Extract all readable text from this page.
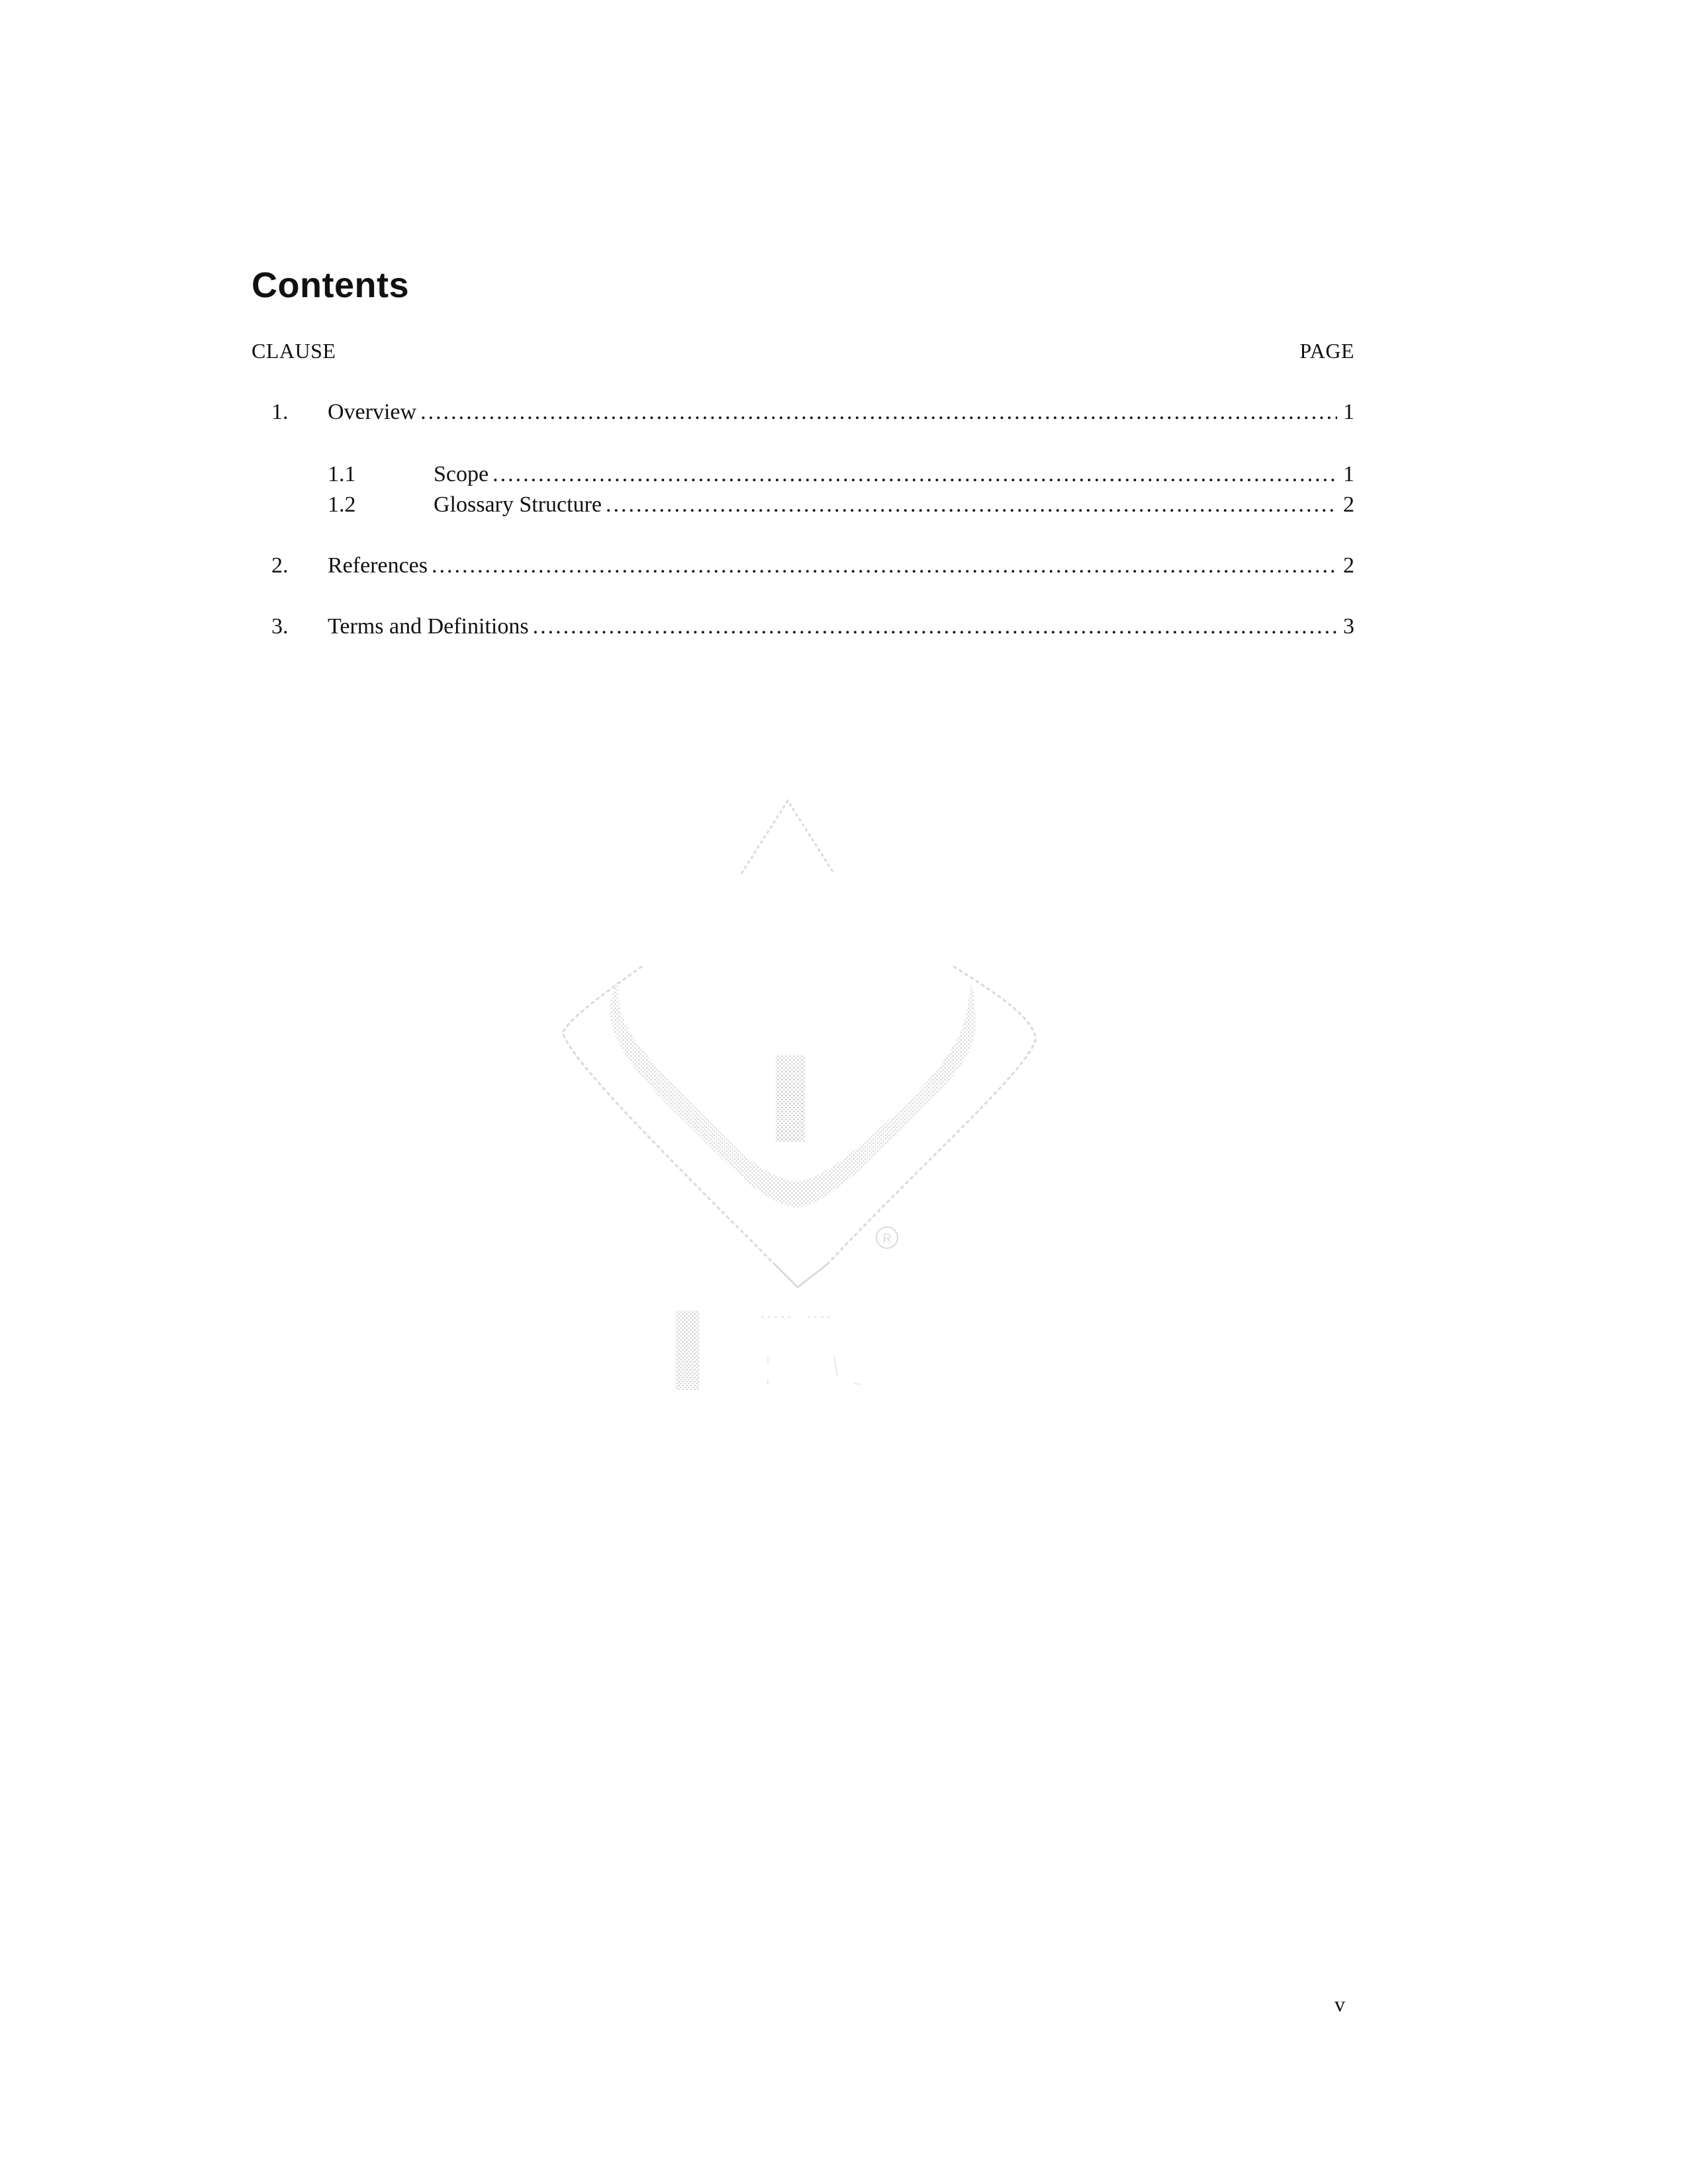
Contents
CLAUSE	PAGE
1.	Overview .....	1
1.1	Scope .....	1
1.2	Glossary Structure .....	2
2.	References .....	2
3.	Terms and Definitions .....	3
R
v
